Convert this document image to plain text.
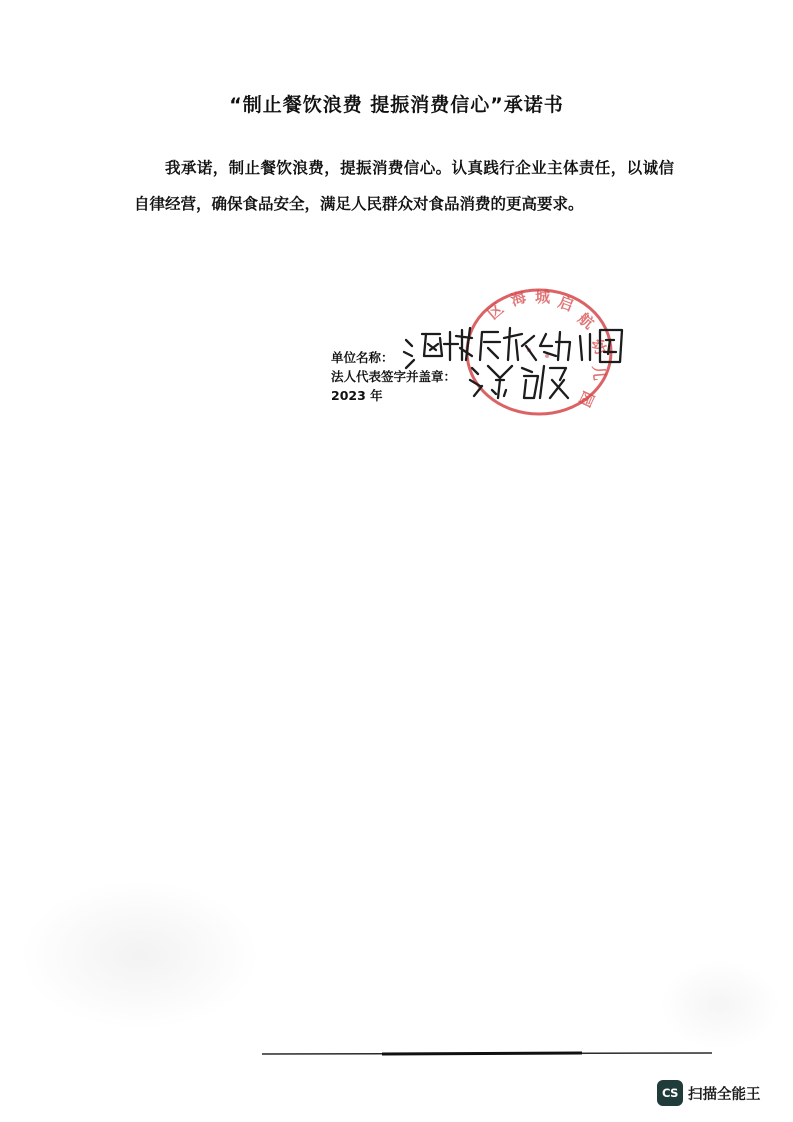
“制止餐饮浪费 提振消费信心”承诺书
我承诺，制止餐饮浪费，提振消费信心。认真践行企业主体责任，以诚信自律经营，确保食品安全，满足人民群众对食品消费的更高要求。
单位名称：
法人代表签字并盖章：
2023 年
区
海 城 启
航
幼
儿
园
CS 扫描全能王
